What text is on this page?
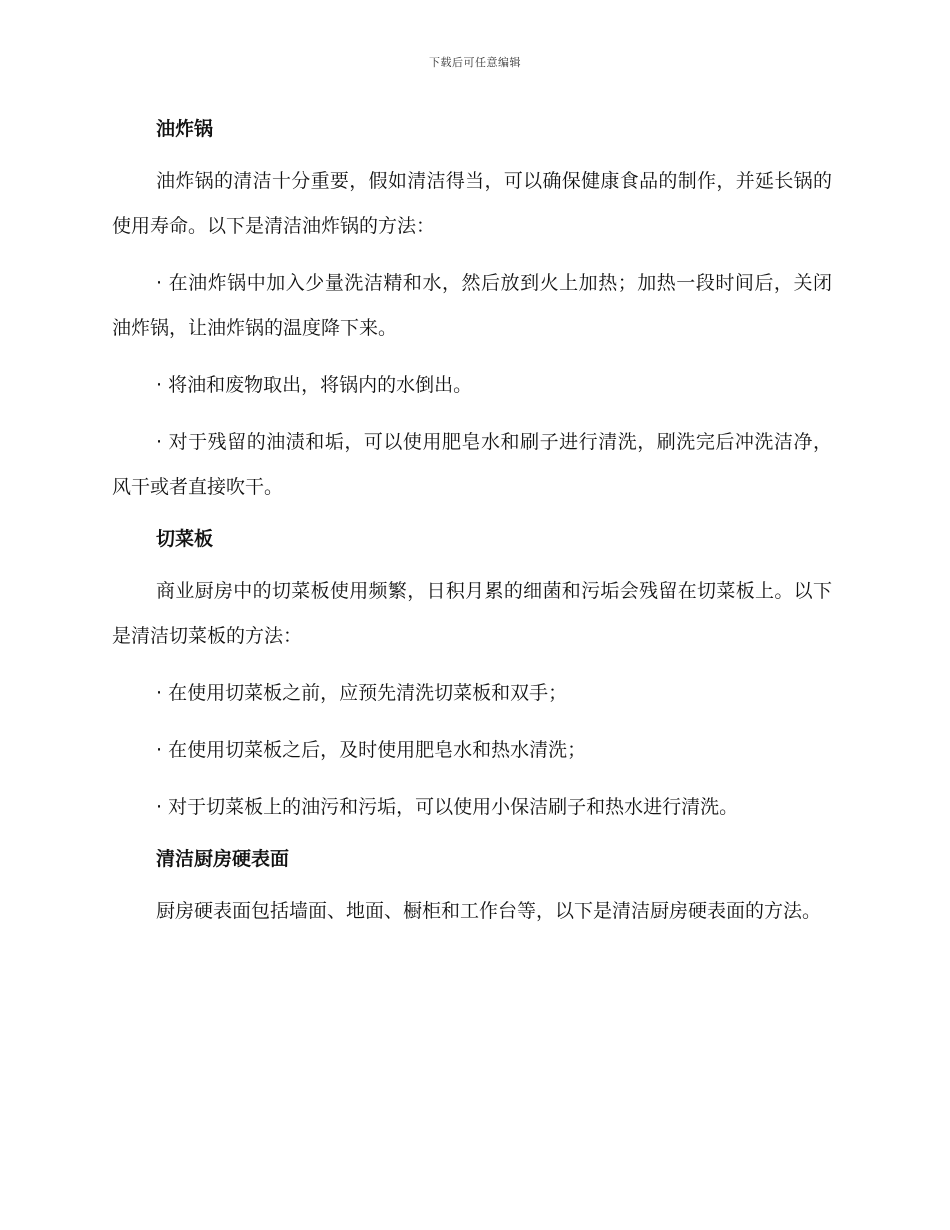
下载后可任意编辑
油炸锅

油炸锅的清洁十分重要，假如清洁得当，可以确保健康食品的制作，并延长锅的使用寿命。以下是清洁油炸锅的方法：

· 在油炸锅中加入少量洗洁精和水，然后放到火上加热；加热一段时间后，关闭油炸锅，让油炸锅的温度降下来。

· 将油和废物取出，将锅内的水倒出。

· 对于残留的油渍和垢，可以使用肥皂水和刷子进行清洗，刷洗完后冲洗洁净，风干或者直接吹干。

切菜板

商业厨房中的切菜板使用频繁，日积月累的细菌和污垢会残留在切菜板上。以下是清洁切菜板的方法：

· 在使用切菜板之前，应预先清洗切菜板和双手；

· 在使用切菜板之后，及时使用肥皂水和热水清洗；

· 对于切菜板上的油污和污垢，可以使用小保洁刷子和热水进行清洗。

清洁厨房硬表面

厨房硬表面包括墙面、地面、橱柜和工作台等，以下是清洁厨房硬表面的方法。
